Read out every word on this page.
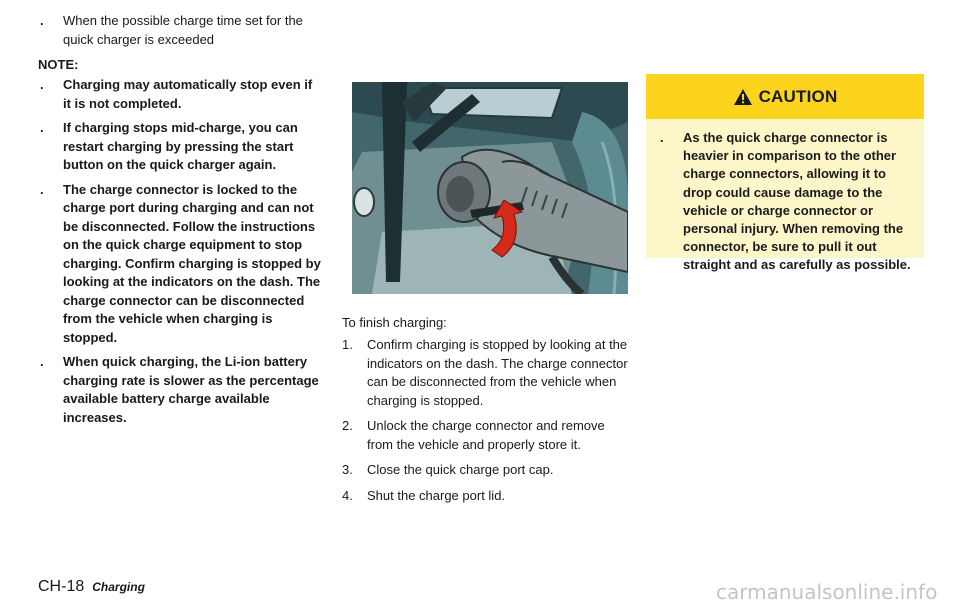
. When the possible charge time set for the quick charger is exceeded

NOTE:

. Charging may automatically stop even if it is not completed.

. If charging stops mid-charge, you can restart charging by pressing the start button on the quick charger again.

. The charge connector is locked to the charge port during charging and can not be disconnected. Follow the instructions on the quick charge equipment to stop charging. Confirm charging is stopped by looking at the indicators on the dash. The charge connector can be disconnected from the vehicle when charging is stopped.

. When quick charging, the Li-ion battery charging rate is slower as the percentage available battery charge available increases.

To finish charging:
1. Confirm charging is stopped by looking at the indicators on the dash. The charge connector can be disconnected from the vehicle when charging is stopped.
2. Unlock the charge connector and remove from the vehicle and properly store it.
3. Close the quick charge port cap.
4. Shut the charge port lid.
CAUTION

. As the quick charge connector is heavier in comparison to the other charge connectors, allowing it to drop could cause damage to the vehicle or charge connector or personal injury. When removing the connector, be sure to pull it out straight and as carefully as possible.

CH-18 Charging	carmanualsonline.info
